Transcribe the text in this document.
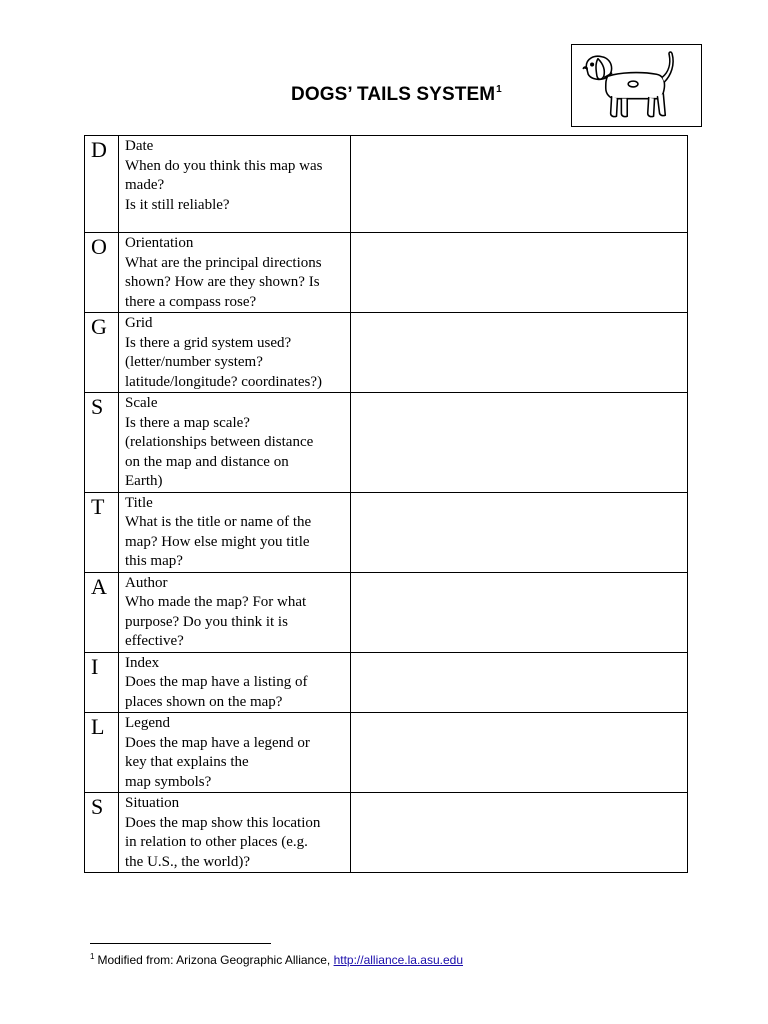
DOGS’ TAILS SYSTEM$^1$
D	Date
When do you think this map was
made?
Is it still reliable?	

O	Orientation
What are the principal directions
shown? How are they shown? Is
there a compass rose?	

G	Grid
Is there a grid system used?
(letter/number system?
latitude/longitude? coordinates?)	

S	Scale
Is there a map scale?
(relationships between distance
on the map and distance on
Earth)	

T	Title
What is the title or name of the
map? How else might you title
this map?	

A	Author
Who made the map? For what
purpose? Do you think it is
effective?	

I	Index
Does the map have a listing of
places shown on the map?	

L	Legend
Does the map have a legend or
key that explains the
map symbols?	

S	Situation
Does the map show this location
in relation to other places (e.g.
the U.S., the world)?	

$^1$ Modified from: Arizona Geographic Alliance, http://alliance.la.asu.edu
